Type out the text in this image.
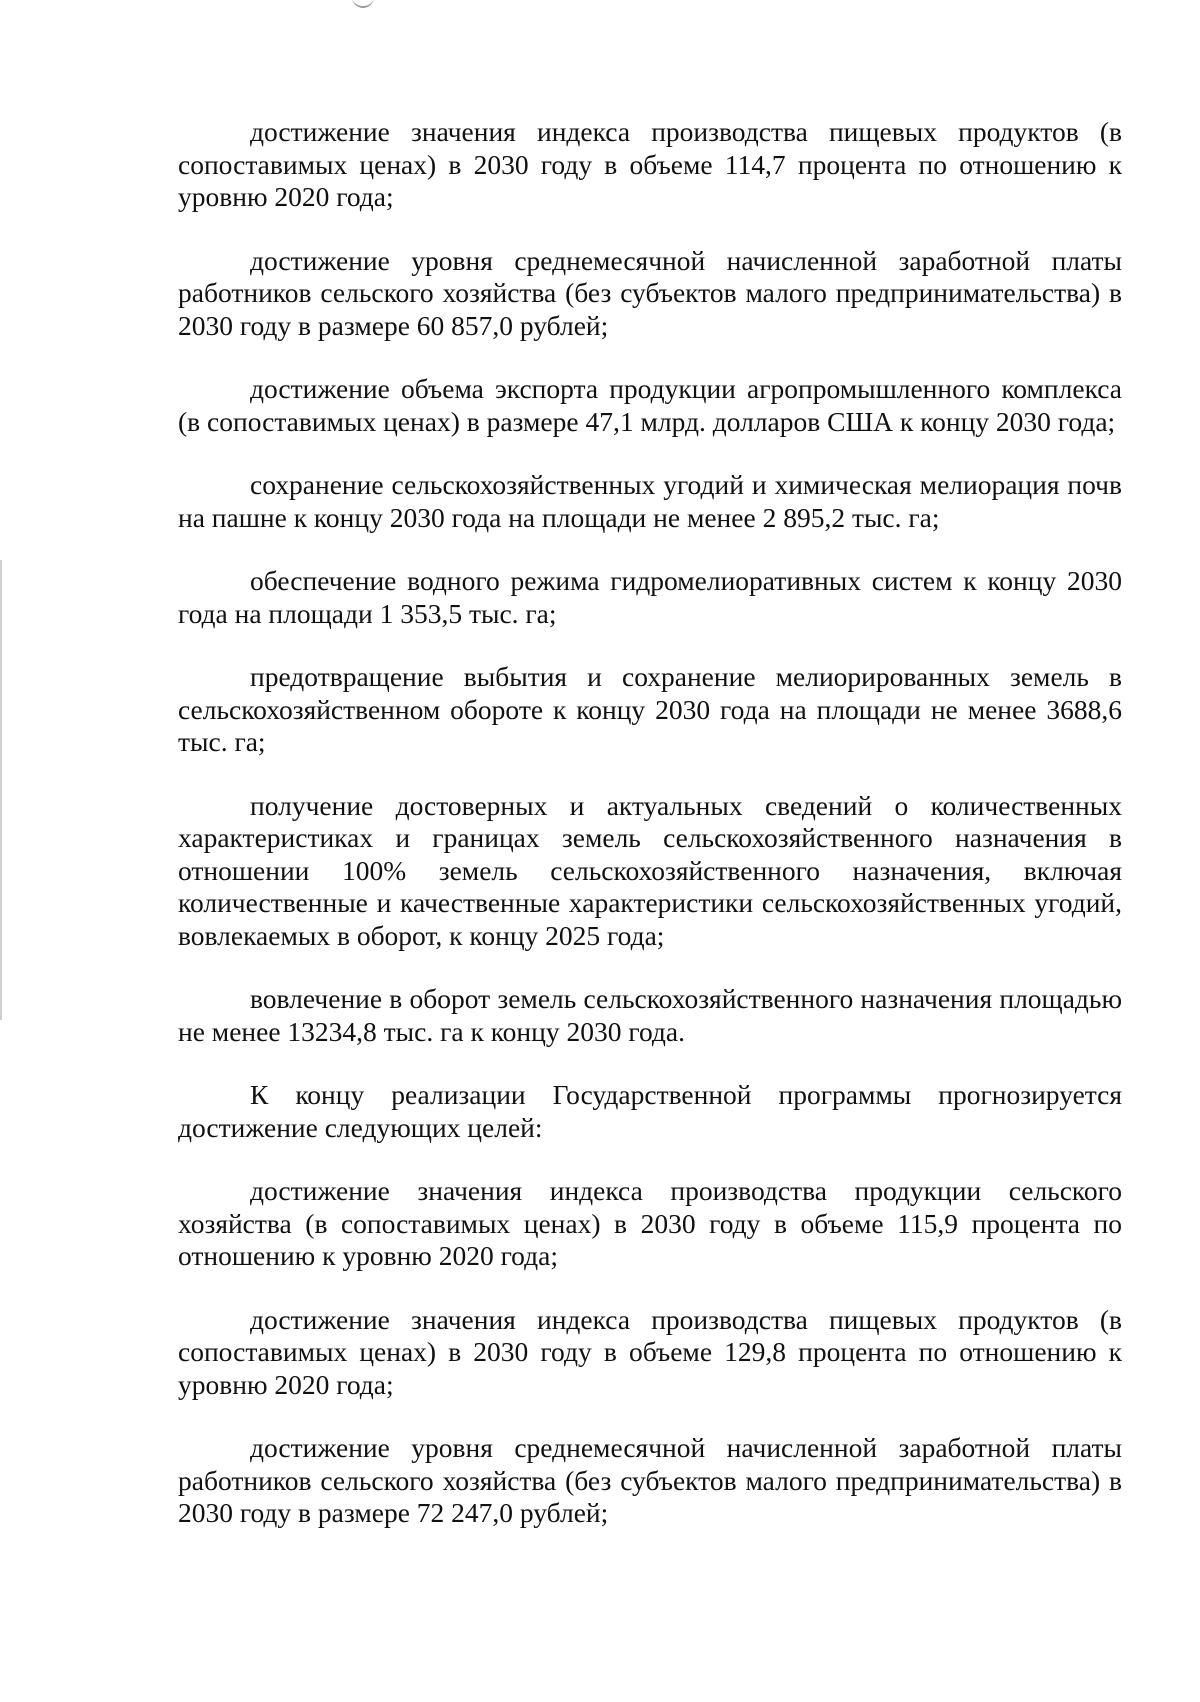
достижение значения индекса производства пищевых продуктов (в сопоставимых ценах) в 2030 году в объеме 114,7 процента по отношению к уровню 2020 года;

достижение уровня среднемесячной начисленной заработной платы работников сельского хозяйства (без субъектов малого предпринимательства) в 2030 году в размере 60 857,0 рублей;

достижение объема экспорта продукции агропромышленного комплекса (в сопоставимых ценах) в размере 47,1 млрд. долларов США к концу 2030 года;

сохранение сельскохозяйственных угодий и химическая мелиорация почв на пашне к концу 2030 года на площади не менее 2 895,2 тыс. га;

обеспечение водного режима гидромелиоративных систем к концу 2030 года на площади 1 353,5 тыс. га;

предотвращение выбытия и сохранение мелиорированных земель в сельскохозяйственном обороте к концу 2030 года на площади не менее 3688,6 тыс. га;

получение достоверных и актуальных сведений о количественных характеристиках и границах земель сельскохозяйственного назначения в отношении 100% земель сельскохозяйственного назначения, включая количественные и качественные характеристики сельскохозяйственных угодий, вовлекаемых в оборот, к концу 2025 года;

вовлечение в оборот земель сельскохозяйственного назначения площадью не менее 13234,8 тыс. га к концу 2030 года.

К концу реализации Государственной программы прогнозируется достижение следующих целей:

достижение значения индекса производства продукции сельского хозяйства (в сопоставимых ценах) в 2030 году в объеме 115,9 процента по отношению к уровню 2020 года;

достижение значения индекса производства пищевых продуктов (в сопоставимых ценах) в 2030 году в объеме 129,8 процента по отношению к уровню 2020 года;

достижение уровня среднемесячной начисленной заработной платы работников сельского хозяйства (без субъектов малого предпринимательства) в 2030 году в размере 72 247,0 рублей;
